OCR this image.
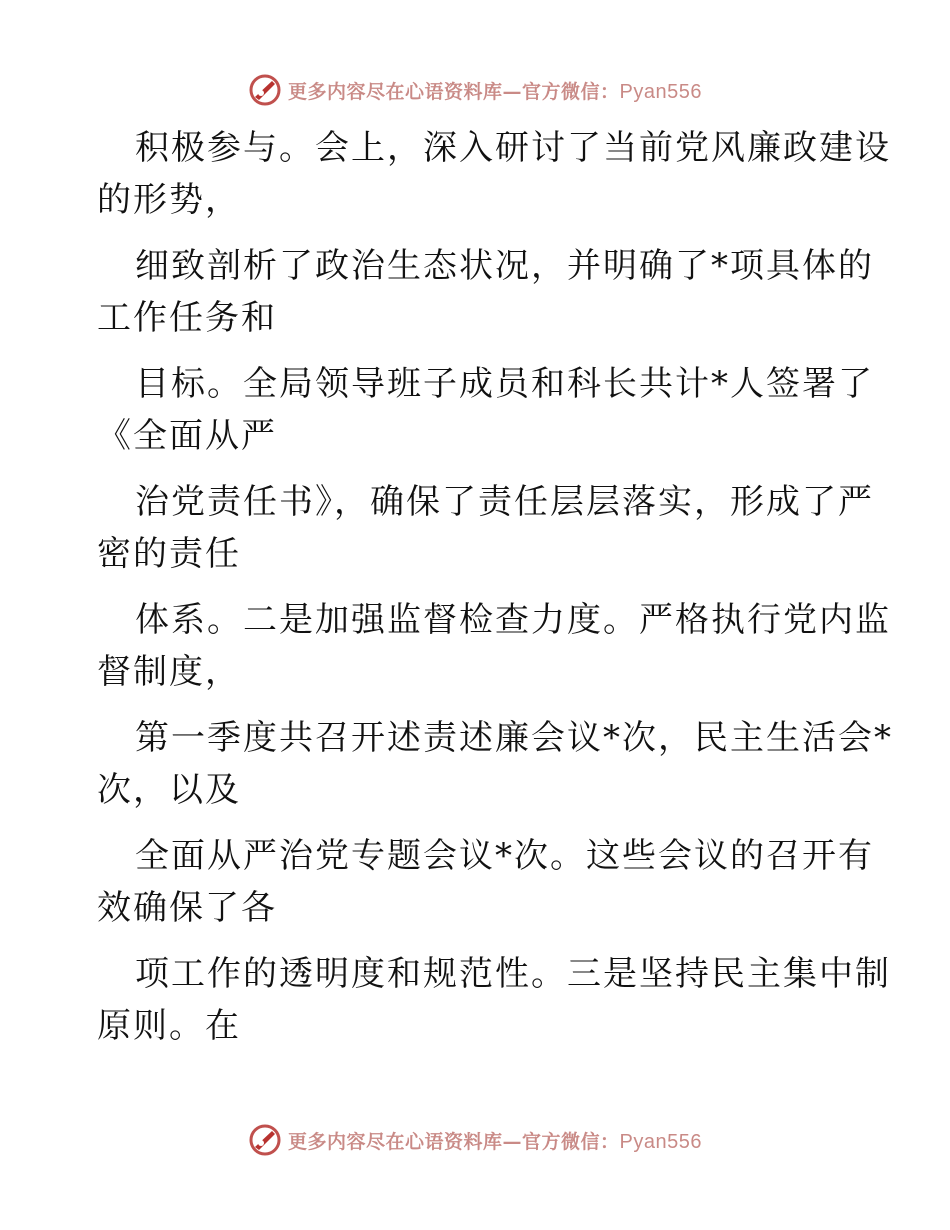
更多内容尽在心语资料库—官方微信：Pyan556
积极参与。会上，深入研讨了当前党风廉政建设
的形势，
细致剖析了政治生态状况，并明确了*项具体的
工作任务和
目标。全局领导班子成员和科长共计*人签署了
《全面从严
治党责任书》，确保了责任层层落实，形成了严
密的责任
体系。二是加强监督检查力度。严格执行党内监
督制度，
第一季度共召开述责述廉会议*次，民主生活会*
次，以及
全面从严治党专题会议*次。这些会议的召开有
效确保了各
项工作的透明度和规范性。三是坚持民主集中制
原则。在
更多内容尽在心语资料库—官方微信：Pyan556
